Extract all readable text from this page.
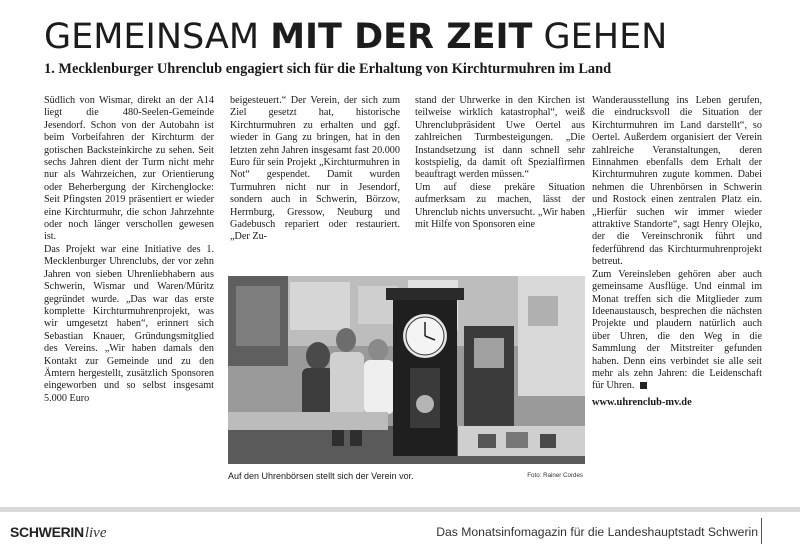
GEMEINSAM MIT DER ZEIT GEHEN
1. Mecklenburger Uhrenclub engagiert sich für die Erhaltung von Kirchturmuhren im Land

Südlich von Wismar, direkt an der A14 liegt die 480-Seelen-Gemeinde Jesendorf. Schon von der Autobahn ist beim Vorbeifahren der Kirchturm der gotischen Backsteinkirche zu sehen. Seit sechs Jahren dient der Turm nicht mehr nur als Wahrzeichen, zur Orientierung oder Beherbergung der Kirchenglocke: Seit Pfingsten 2019 präsentiert er wieder eine Kirchturmuhr, die schon Jahrzehnte oder noch länger verschollen gewesen ist.

Das Projekt war eine Initiative des 1. Mecklenburger Uhrenclubs, der vor zehn Jahren von sieben Uhrenliebhabern aus Schwerin, Wismar und Waren/Müritz gegründet wurde. „Das war das erste komplette Kirchturmuhrenprojekt, was wir umgesetzt haben“, erinnert sich Sebastian Knauer, Gründungsmitglied des Vereins. „Wir haben damals den Kontakt zur Gemeinde und zu den Ämtern hergestellt, zusätzlich Sponsoren eingeworben und so selbst insgesamt 5.000 Euro

beigesteuert.“ Der Verein, der sich zum Ziel gesetzt hat, historische Kirchturmuhren zu erhalten und ggf. wieder in Gang zu bringen, hat in den letzten zehn Jahren insgesamt fast 20.000 Euro für sein Projekt „Kirchturmuhren in Not“ gespendet. Damit wurden Turmuhren nicht nur in Jesendorf, sondern auch in Schwerin, Börzow, Herrnburg, Gressow, Neuburg und Gadebusch repariert oder restauriert. „Der Zu-

stand der Uhrwerke in den Kirchen ist teilweise wirklich katastrophal“, weiß Uhrenclubpräsident Uwe Oertel aus zahlreichen Turmbesteigungen. „Die Instandsetzung ist dann schnell sehr kostspielig, da damit oft Spezialfirmen beauftragt werden müssen.“

Um auf diese prekäre Situation aufmerksam zu machen, lässt der Uhrenclub nichts unversucht. „Wir haben mit Hilfe von Sponsoren eine

Wanderausstellung ins Leben gerufen, die eindrucksvoll die Situation der Kirchturmuhren im Land darstellt“, so Oertel. Außerdem organisiert der Verein zahlreiche Veranstaltungen, deren Einnahmen ebenfalls dem Erhalt der Kirchturmuhren zugute kommen. Dabei nehmen die Uhrenbörsen in Schwerin und Rostock einen zentralen Platz ein. „Hierfür suchen wir immer wieder attraktive Standorte“, sagt Henry Olejko, der die Vereinschronik führt und federführend das Kirchturmuhrenprojekt betreut.

Zum Vereinsleben gehören aber auch gemeinsame Ausflüge. Und einmal im Monat treffen sich die Mitglieder zum Ideenaustausch, besprechen die nächsten Projekte und plaudern natürlich auch über Uhren, die den Weg in die Sammlung der Mitstreiter gefunden haben. Denn eins verbindet sie alle seit mehr als zehn Jahren: die Leidenschaft für Uhren.

www.uhrenclub-mv.de

Auf den Uhrenbörsen stellt sich der Verein vor.	Foto: Rainer Cordes
SCHWERINlive	Das Monatsinfomagazin für die Landeshauptstadt Schwerin
